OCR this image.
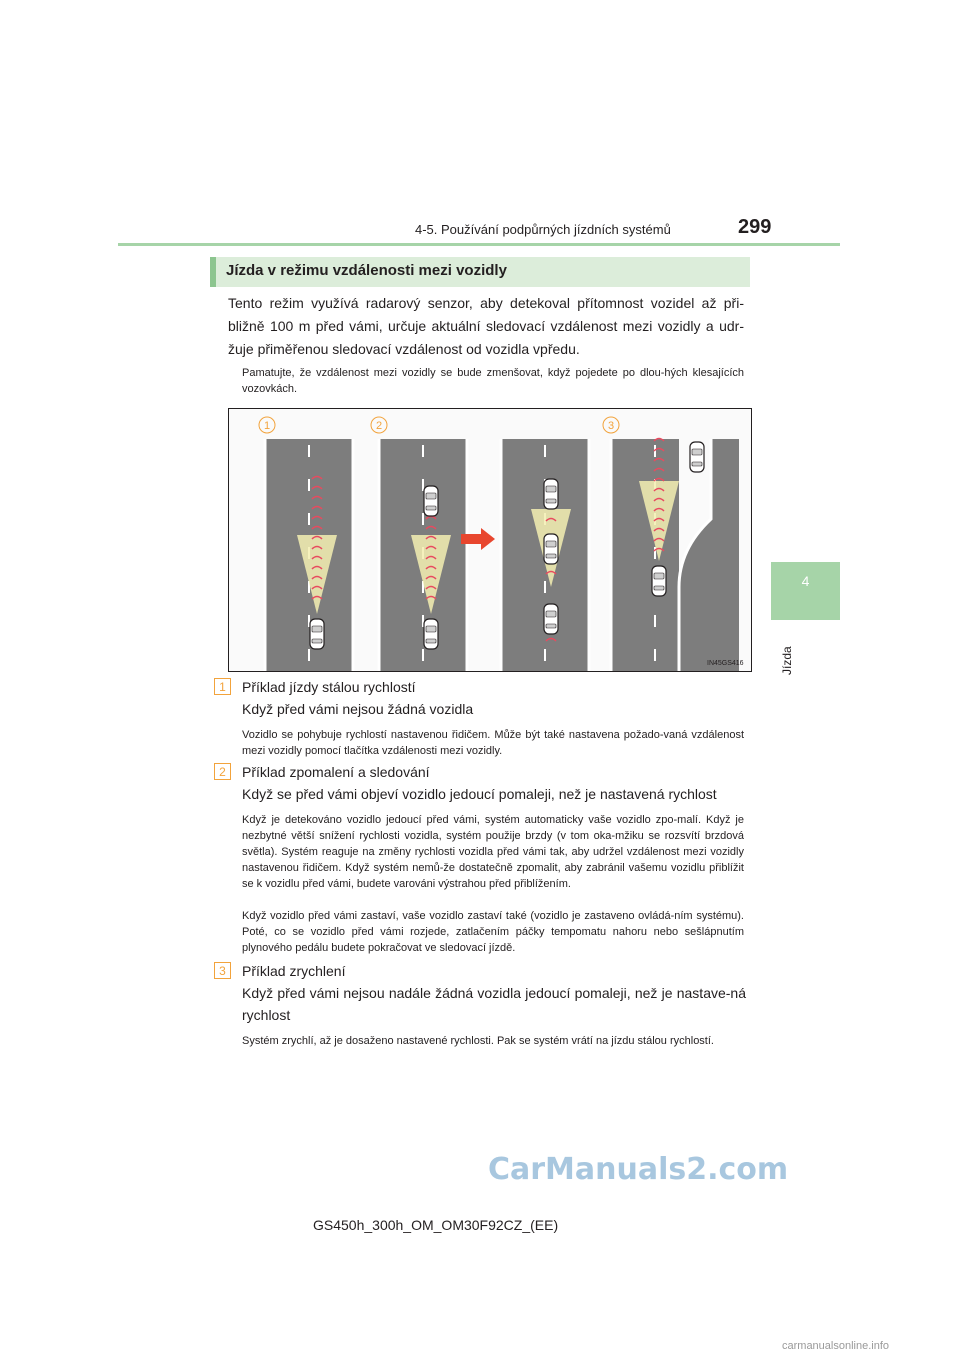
4-5. Používání podpůrných jízdních systémů	299
4
Jízda
Jízda v režimu vzdálenosti mezi vozidly

Tento režim využívá radarový senzor, aby detekoval přítomnost vozidel až při-bližně 100 m před vámi, určuje aktuální sledovací vzdálenost mezi vozidly a udr-žuje přiměřenou sledovací vzdálenost od vozidla vpředu.

Pamatujte, že vzdálenost mezi vozidly se bude zmenšovat, když pojedete po dlou-hých klesajících vozovkách.

1	2	3
IN45GS416
1	Příklad jízdy stálou rychlostí

Když před vámi nejsou žádná vozidla

Vozidlo se pohybuje rychlostí nastavenou řidičem. Může být také nastavena požado-vaná vzdálenost mezi vozidly pomocí tlačítka vzdálenosti mezi vozidly.

2	Příklad zpomalení a sledování

Když se před vámi objeví vozidlo jedoucí pomaleji, než je nastavená rychlost

Když je detekováno vozidlo jedoucí před vámi, systém automaticky vaše vozidlo zpo-malí. Když je nezbytné větší snížení rychlosti vozidla, systém použije brzdy (v tom oka-mžiku se rozsvítí brzdová světla). Systém reaguje na změny rychlosti vozidla před vámi tak, aby udržel vzdálenost mezi vozidly nastavenou řidičem. Když systém nemů-že dostatečně zpomalit, aby zabránil vašemu vozidlu přiblížit se k vozidlu před vámi, budete varováni výstrahou před přiblížením.

Když vozidlo před vámi zastaví, vaše vozidlo zastaví také (vozidlo je zastaveno ovládá-ním systému). Poté, co se vozidlo před vámi rozjede, zatlačením páčky tempomatu nahoru nebo sešlápnutím plynového pedálu budete pokračovat ve sledovací jízdě.

3	Příklad zrychlení

Když před vámi nejsou nadále žádná vozidla jedoucí pomaleji, než je nastave-ná rychlost

Systém zrychlí, až je dosaženo nastavené rychlosti. Pak se systém vrátí na jízdu stálou rychlostí.

CarManuals2.com
GS450h_300h_OM_OM30F92CZ_(EE)
carmanualsonline.info
